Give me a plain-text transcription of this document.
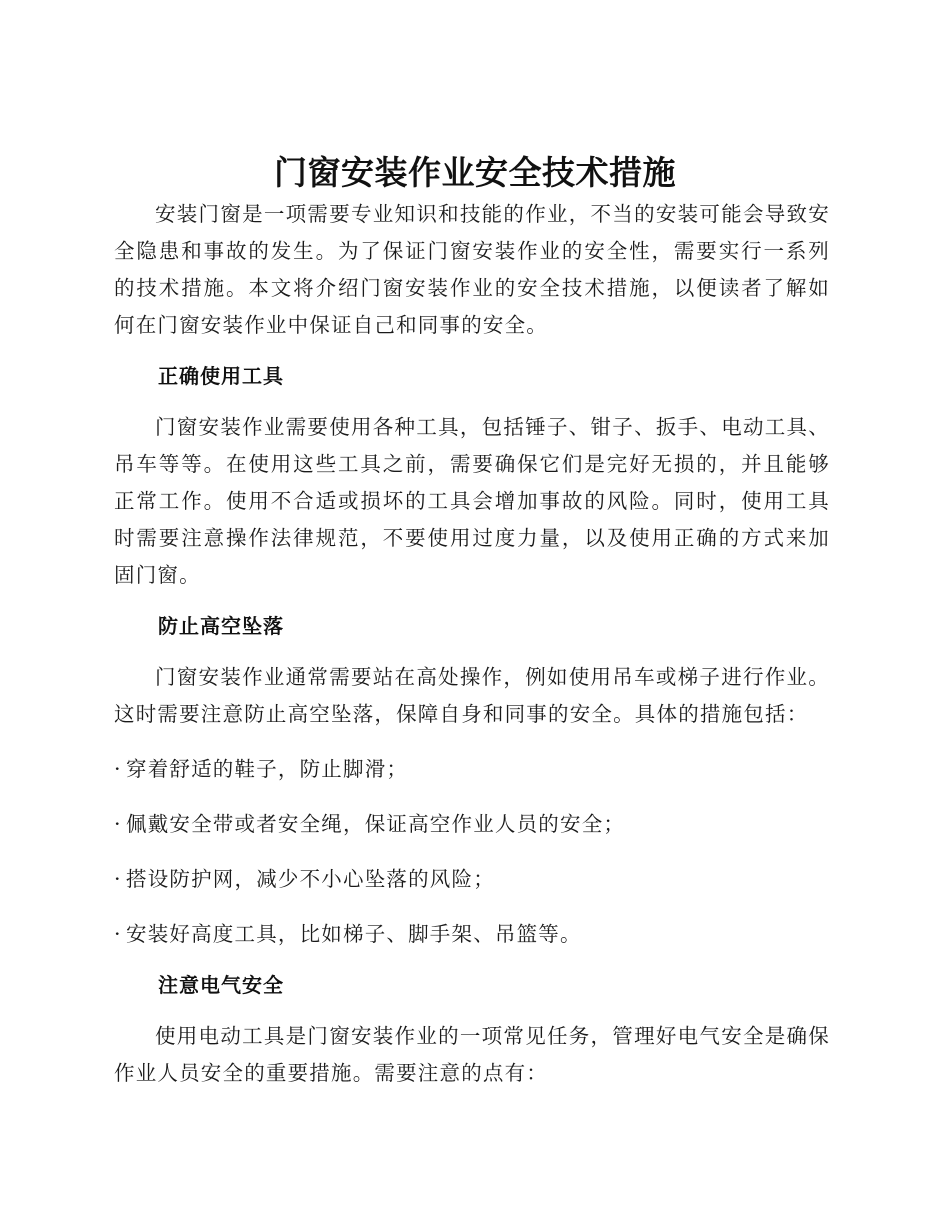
门窗安装作业安全技术措施

安装门窗是一项需要专业知识和技能的作业，不当的安装可能会导致安全隐患和事故的发生。为了保证门窗安装作业的安全性，需要实行一系列的技术措施。本文将介绍门窗安装作业的安全技术措施，以便读者了解如何在门窗安装作业中保证自己和同事的安全。

正确使用工具

门窗安装作业需要使用各种工具，包括锤子、钳子、扳手、电动工具、吊车等等。在使用这些工具之前，需要确保它们是完好无损的，并且能够正常工作。使用不合适或损坏的工具会增加事故的风险。同时，使用工具时需要注意操作法律规范，不要使用过度力量，以及使用正确的方式来加固门窗。

防止高空坠落

门窗安装作业通常需要站在高处操作，例如使用吊车或梯子进行作业。这时需要注意防止高空坠落，保障自身和同事的安全。具体的措施包括：

· 穿着舒适的鞋子，防止脚滑；
· 佩戴安全带或者安全绳，保证高空作业人员的安全；
· 搭设防护网，减少不小心坠落的风险；
· 安装好高度工具，比如梯子、脚手架、吊篮等。
注意电气安全

使用电动工具是门窗安装作业的一项常见任务，管理好电气安全是确保作业人员安全的重要措施。需要注意的点有：
